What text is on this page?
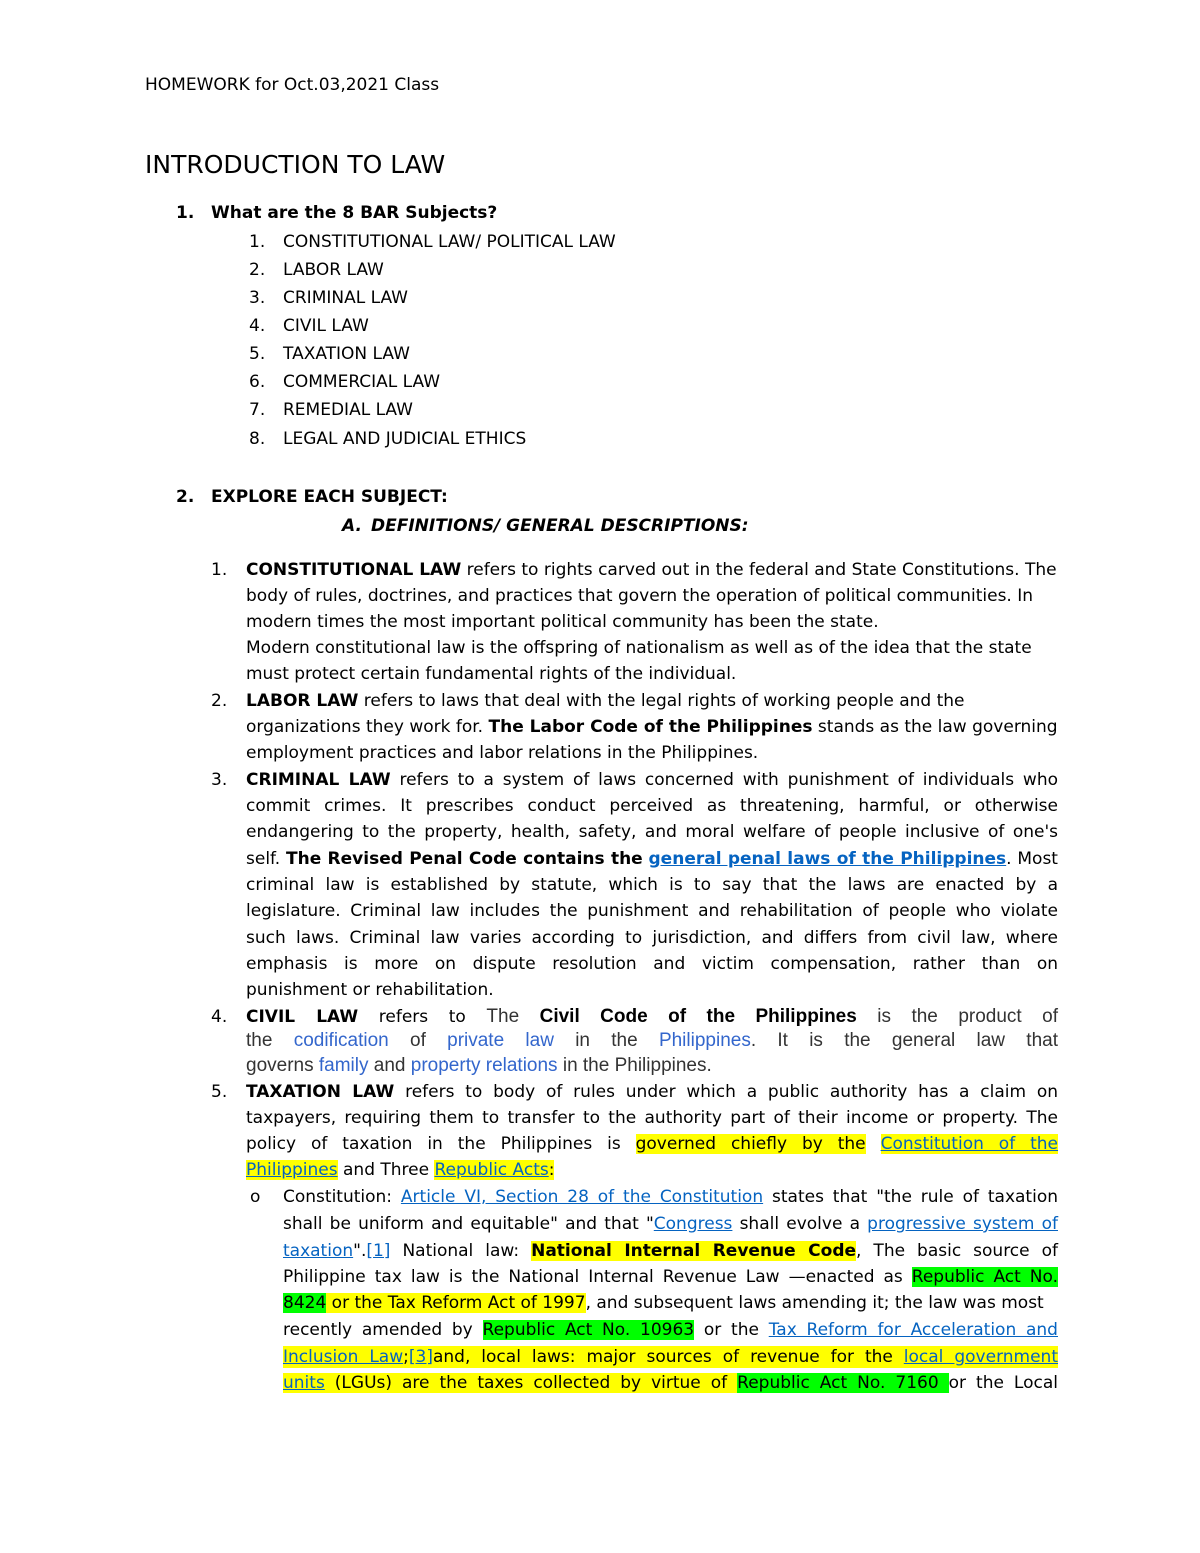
HOMEWORK for Oct.03,2021 Class
INTRODUCTION TO LAW
1. What are the 8 BAR Subjects?
1. CONSTITUTIONAL LAW/ POLITICAL LAW
2. LABOR LAW
3. CRIMINAL LAW
4. CIVIL LAW
5. TAXATION LAW
6. COMMERCIAL LAW
7. REMEDIAL LAW
8. LEGAL AND JUDICIAL ETHICS
2. EXPLORE EACH SUBJECT:
A. DEFINITIONS/ GENERAL DESCRIPTIONS:
1. CONSTITUTIONAL LAW refers to rights carved out in the federal and State Constitutions. The
body of rules, doctrines, and practices that govern the operation of political communities. In
modern times the most important political community has been the state.
Modern constitutional law is the offspring of nationalism as well as of the idea that the state
must protect certain fundamental rights of the individual.
2. LABOR LAW refers to laws that deal with the legal rights of working people and the
organizations they work for. The Labor Code of the Philippines stands as the law governing
employment practices and labor relations in the Philippines.
3. CRIMINAL LAW refers to a system of laws concerned with punishment of individuals who
commit crimes. It prescribes conduct perceived as threatening, harmful, or otherwise
endangering to the property, health, safety, and moral welfare of people inclusive of one's
self. The Revised Penal Code contains the general penal laws of the Philippines. Most
criminal law is established by statute, which is to say that the laws are enacted by a
legislature. Criminal law includes the punishment and rehabilitation of people who violate
such laws. Criminal law varies according to jurisdiction, and differs from civil law, where
emphasis is more on dispute resolution and victim compensation, rather than on
punishment or rehabilitation.
4. CIVIL LAW refers to The Civil Code of the Philippines is the product of
the codification of private law in the Philippines. It is the general law that
governs family and property relations in the Philippines.
5. TAXATION LAW refers to body of rules under which a public authority has a claim on
taxpayers, requiring them to transfer to the authority part of their income or property. The
policy of taxation in the Philippines is governed chiefly by the Constitution of the
Philippines and Three Republic Acts:
o Constitution: Article VI, Section 28 of the Constitution states that "the rule of taxation
shall be uniform and equitable" and that "Congress shall evolve a progressive system of
taxation".[1] National law: National Internal Revenue Code, The basic source of
Philippine tax law is the National Internal Revenue Law —enacted as Republic Act No.
8424 or the Tax Reform Act of 1997, and subsequent laws amending it; the law was most
recently amended by Republic Act No. 10963 or the Tax Reform for Acceleration and
Inclusion Law;[3]and, local laws: major sources of revenue for the local government
units (LGUs) are the taxes collected by virtue of Republic Act No. 7160 or the Local
